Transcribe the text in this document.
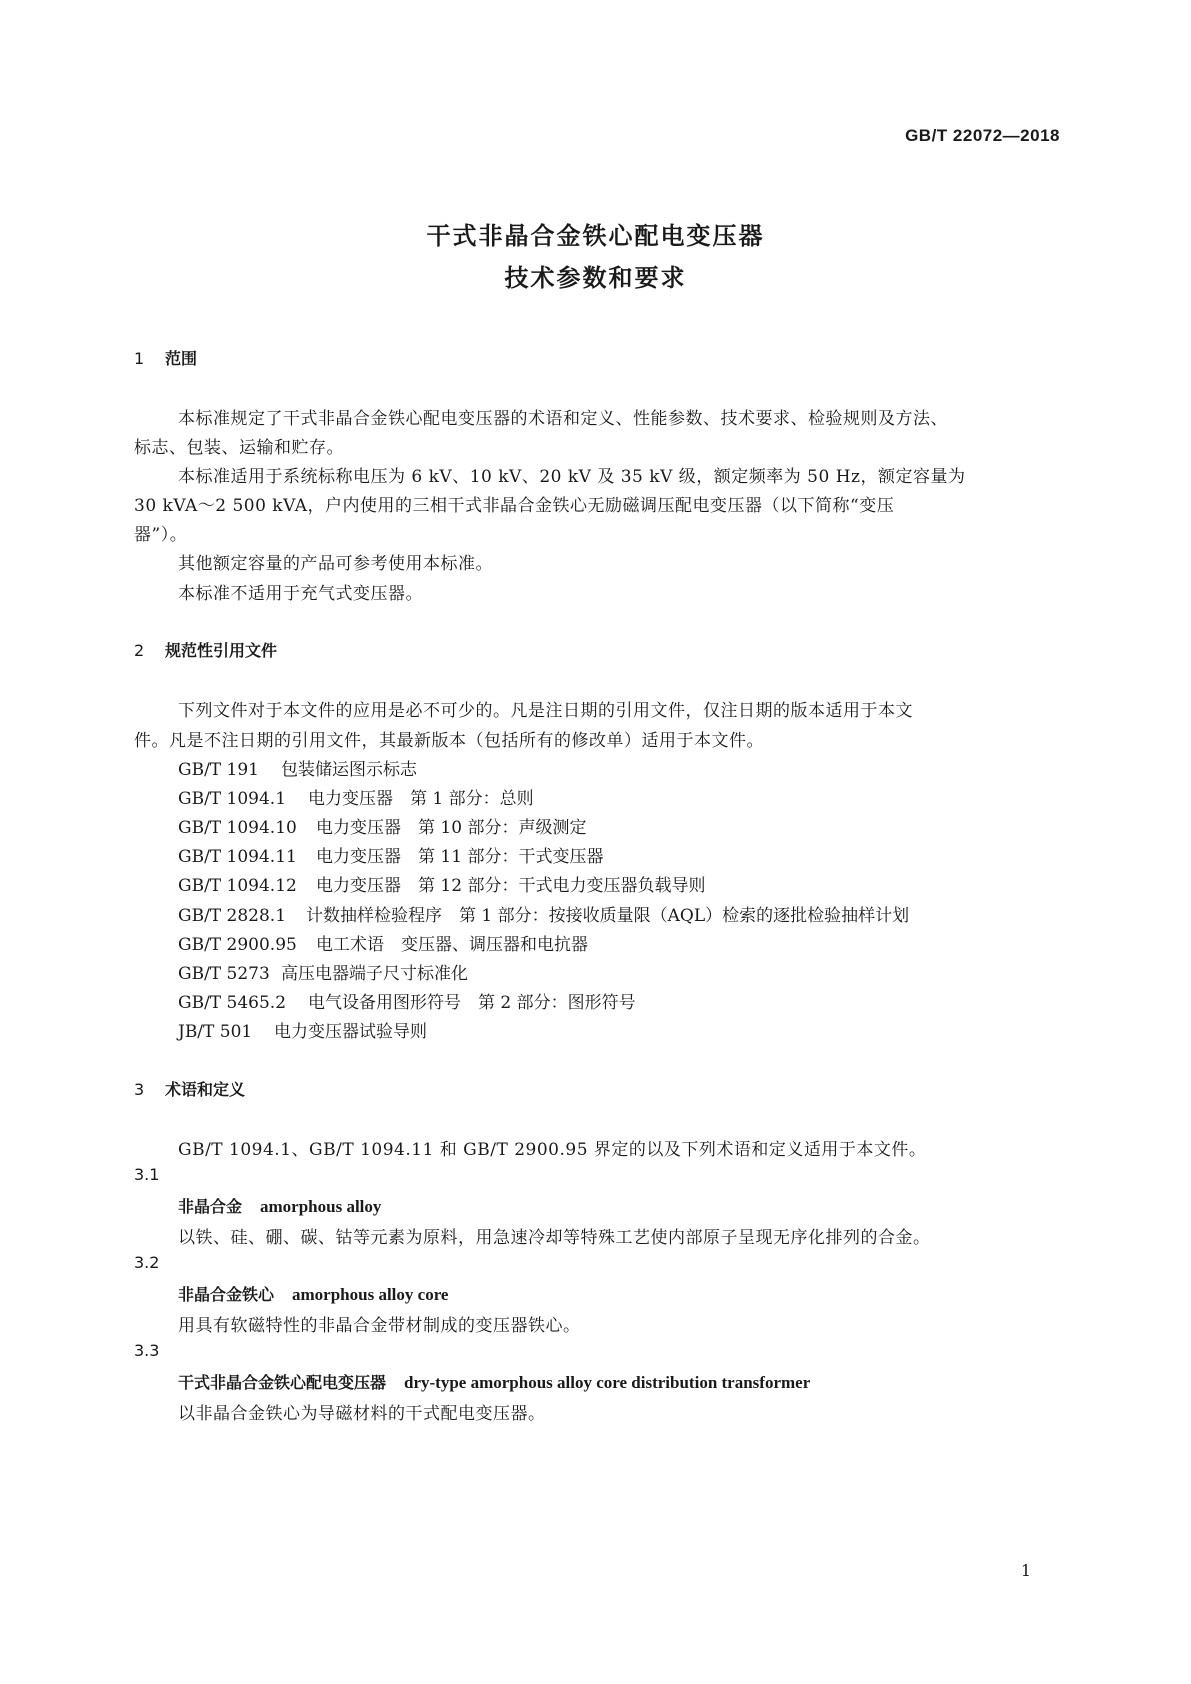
GB/T 22072—2018
干式非晶合金铁心配电变压器
技术参数和要求
1 范围
本标准规定了干式非晶合金铁心配电变压器的术语和定义、性能参数、技术要求、检验规则及方法、
标志、包装、运输和贮存。
本标准适用于系统标称电压为 6 kV、10 kV、20 kV 及 35 kV 级，额定频率为 50 Hz，额定容量为
30 kVA～2 500 kVA，户内使用的三相干式非晶合金铁心无励磁调压配电变压器（以下简称“变压
器”）。
其他额定容量的产品可参考使用本标准。
本标准不适用于充气式变压器。
2 规范性引用文件
下列文件对于本文件的应用是必不可少的。凡是注日期的引用文件，仅注日期的版本适用于本文
件。凡是不注日期的引用文件，其最新版本（包括所有的修改单）适用于本文件。
GB/T 191 包装储运图示标志
GB/T 1094.1 电力变压器　第 1 部分：总则
GB/T 1094.10 电力变压器　第 10 部分：声级测定
GB/T 1094.11 电力变压器　第 11 部分：干式变压器
GB/T 1094.12 电力变压器　第 12 部分：干式电力变压器负载导则
GB/T 2828.1 计数抽样检验程序　第 1 部分：按接收质量限（AQL）检索的逐批检验抽样计划
GB/T 2900.95 电工术语　变压器、调压器和电抗器
GB/T 5273 高压电器端子尺寸标准化
GB/T 5465.2 电气设备用图形符号　第 2 部分：图形符号
JB/T 501 电力变压器试验导则
3 术语和定义
GB/T 1094.1、GB/T 1094.11 和 GB/T 2900.95 界定的以及下列术语和定义适用于本文件。
3.1
非晶合金 amorphous alloy
以铁、硅、硼、碳、钴等元素为原料，用急速冷却等特殊工艺使内部原子呈现无序化排列的合金。
3.2
非晶合金铁心 amorphous alloy core
用具有软磁特性的非晶合金带材制成的变压器铁心。
3.3
干式非晶合金铁心配电变压器 dry-type amorphous alloy core distribution transformer
以非晶合金铁心为导磁材料的干式配电变压器。
1
